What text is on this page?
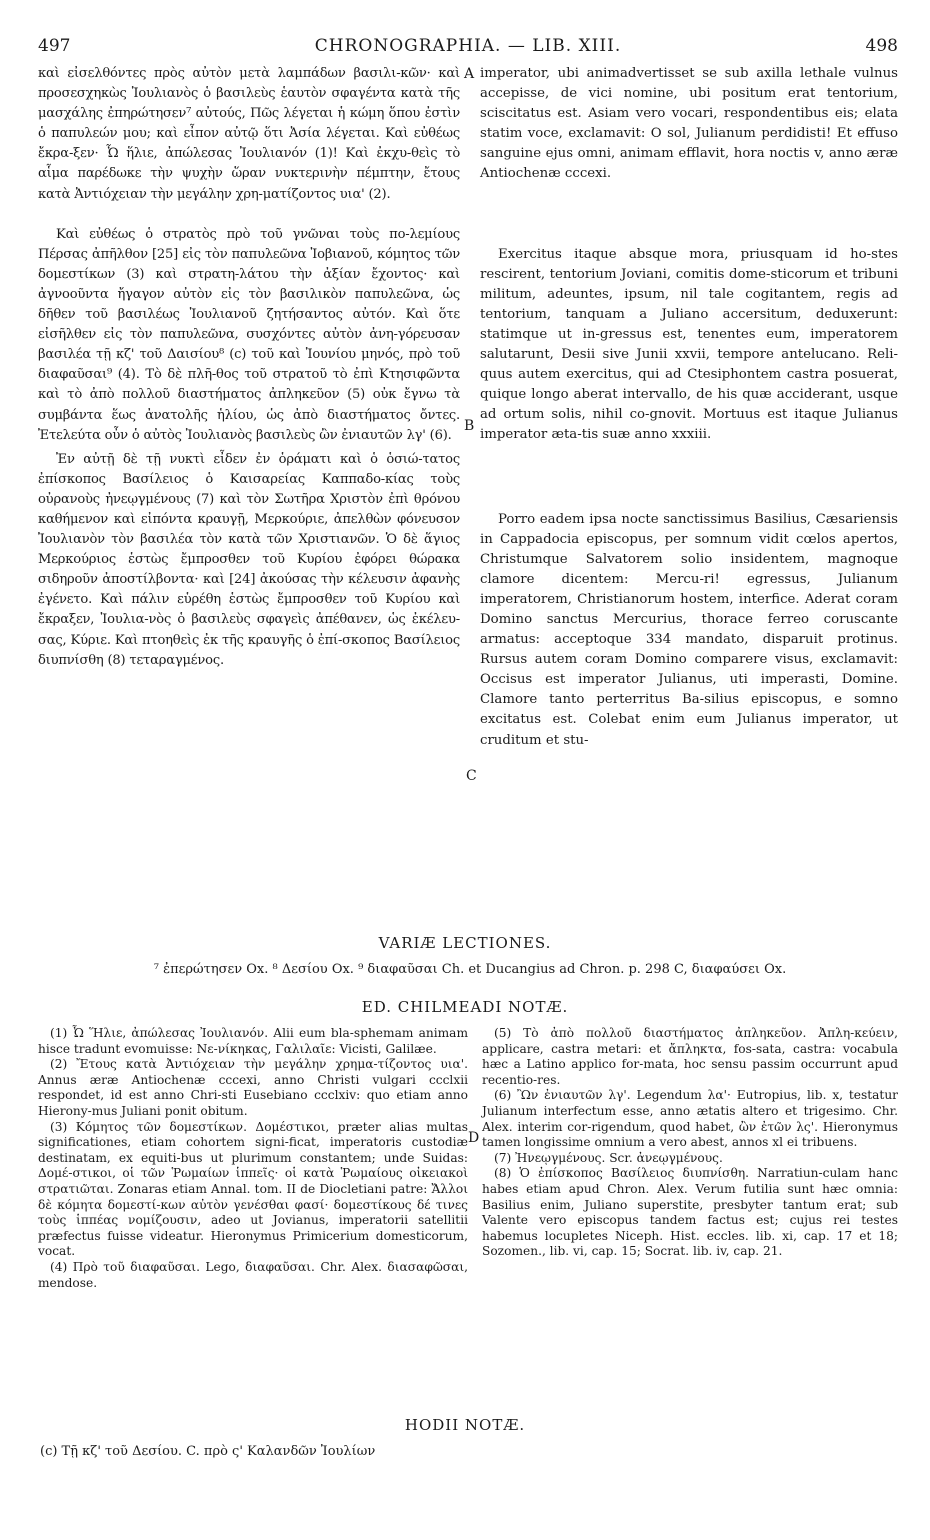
497	CHRONOGRAPHIA. — LIB. XIII.	498

καὶ εἰσελθόντες πρὸς αὐτὸν μετὰ λαμπάδων βασιλι-κῶν· καὶ προσεσχηκὼς Ἰουλιανὸς ὁ βασιλεὺς ἑαυτὸν σφαγέντα κατὰ τῆς μασχάλης ἐπηρώτησεν⁷ αὐτούς, Πῶς λέγεται ἡ κώμη ὅπου ἐστὶν ὁ παπυλεών μου; καὶ εἶπον αὐτῷ ὅτι Ἀσία λέγεται. Καὶ εὐθέως ἔκρα-ξεν· Ὦ ἥλιε, ἀπώλεσας Ἰουλιανόν (1)! Καὶ ἐκχυ-θεὶς τὸ αἷμα παρέδωκε τὴν ψυχὴν ὥραν νυκτερινὴν πέμπτην, ἔτους κατὰ Ἀντιόχειαν τὴν μεγάλην χρη-ματίζοντος υια' (2).

Καὶ εὐθέως ὁ στρατὸς πρὸ τοῦ γνῶναι τοὺς πο-λεμίους Πέρσας ἀπῆλθον [25] εἰς τὸν παπυλεῶνα Ἰοβιανοῦ, κόμητος τῶν δομεστίκων (3) καὶ στρατη-λάτου τὴν ἀξίαν ἔχοντος· καὶ ἀγνοοῦντα ἤγαγον αὐτὸν εἰς τὸν βασιλικὸν παπυλεῶνα, ὡς δῆθεν τοῦ βασιλέως Ἰουλιανοῦ ζητήσαντος αὐτόν. Καὶ ὅτε εἰσῆλθεν εἰς τὸν παπυλεῶνα, συσχόντες αὐτὸν ἀνη-γόρευσαν βασιλέα τῇ κζ' τοῦ Δαισίου⁸ (c) τοῦ καὶ Ἰουνίου μηνός, πρὸ τοῦ διαφαῦσαι⁹ (4). Τὸ δὲ πλῆ-θος τοῦ στρατοῦ τὸ ἐπὶ Κτησιφῶντα καὶ τὸ ἀπὸ πολλοῦ διαστήματος ἀπληκεῦον (5) οὐκ ἔγνω τὰ συμβάντα ἕως ἀνατολῆς ἡλίου, ὡς ἀπὸ διαστήματος ὄντες. Ἐτελεύτα οὖν ὁ αὐτὸς Ἰουλιανὸς βασιλεὺς ὢν ἐνιαυτῶν λγ' (6).

Ἐν αὐτῇ δὲ τῇ νυκτὶ εἶδεν ἐν ὁράματι καὶ ὁ ὁσιώ-τατος ἐπίσκοπος Βασίλειος ὁ Καισαρείας Καππαδο-κίας τοὺς οὐρανοὺς ἠνεῳγμένους (7) καὶ τὸν Σωτῆρα Χριστὸν ἐπὶ θρόνου καθήμενον καὶ εἰπόντα κραυγῇ, Μερκούριε, ἀπελθὼν φόνευσον Ἰουλιανὸν τὸν βασιλέα τὸν κατὰ τῶν Χριστιανῶν. Ὁ δὲ ἅγιος Μερκούριος ἑστὼς ἔμπροσθεν τοῦ Κυρίου ἐφόρει θώρακα σιδηροῦν ἀποστίλβοντα· καὶ [24] ἀκούσας τὴν κέλευσιν ἀφανὴς ἐγένετο. Καὶ πάλιν εὑρέθη ἑστὼς ἔμπροσθεν τοῦ Κυρίου καὶ ἔκραξεν, Ἰουλια-νὸς ὁ βασιλεὺς σφαγεὶς ἀπέθανεν, ὡς ἐκέλευ-σας, Κύριε. Καὶ πτοηθεὶς ἐκ τῆς κραυγῆς ὁ ἐπί-σκοπος Βασίλειος διυπνίσθη (8) τεταραγμένος.

imperator, ubi animadvertisset se sub axilla lethale vulnus accepisse, de vici nomine, ubi positum erat tentorium, sciscitatus est. Asiam vero vocari, respondentibus eis; elata statim voce, exclamavit: O sol, Julianum perdidisti! Et effuso sanguine ejus omni, animam efflavit, hora noctis v, anno æræ Antiochenæ cccexi.

Exercitus itaque absque mora, priusquam id ho-stes rescirent, tentorium Joviani, comitis dome-sticorum et tribuni militum, adeuntes, ipsum, nil tale cogitantem, regis ad tentorium, tanquam a Juliano accersitum, deduxerunt: statimque ut in-gressus est, tenentes eum, imperatorem salutarunt, Desii sive Junii xxvii, tempore antelucano. Reli-quus autem exercitus, qui ad Ctesiphontem castra posuerat, quique longo aberat intervallo, de his quæ acciderant, usque ad ortum solis, nihil co-gnovit. Mortuus est itaque Julianus imperator æta-tis suæ anno xxxiii.

Porro eadem ipsa nocte sanctissimus Basilius, Cæsariensis in Cappadocia episcopus, per somnum vidit cœlos apertos, Christumque Salvatorem solio insidentem, magnoque clamore dicentem: Mercu-ri! egressus, Julianum imperatorem, Christianorum hostem, interfice. Aderat coram Domino sanctus Mercurius, thorace ferreo coruscante armatus: acceptoque 334 mandato, disparuit protinus. Rursus autem coram Domino comparere visus, exclamavit: Occisus est imperator Julianus, uti imperasti, Domine. Clamore tanto perterritus Ba-silius episcopus, e somno excitatus est. Colebat enim eum Julianus imperator, ut cruditum et stu-

A
B
C
D
VARIÆ LECTIONES.
⁷ ἐπερώτησεν Ox. ⁸ Δεσίου Ox. ⁹ διαφαῦσαι Ch. et Ducangius ad Chron. p. 298 C, διαφαύσει Ox.
ED. CHILMEADI NOTÆ.

(1) Ὦ Ἥλιε, ἀπώλεσας Ἰουλιανόν. Alii eum bla-sphemam animam hisce tradunt evomuisse: Νε-νίκηκας, Γαλιλαῖε: Vicisti, Galilæe.

(2) Ἔτους κατὰ Ἀντιόχειαν τὴν μεγάλην χρημα-τίζοντος υια'. Annus æræ Antiochenæ cccexi, anno Christi vulgari ccclxii respondet, id est anno Chri-sti Eusebiano ccclxiv: quo etiam anno Hierony-mus Juliani ponit obitum.

(3) Κόμητος τῶν δομεστίκων. Δομέστικοι, præter alias multas significationes, etiam cohortem signi-ficat, imperatoris custodiæ destinatam, ex equiti-bus ut plurimum constantem; unde Suidas: Δομέ-στικοι, οἱ τῶν Ῥωμαίων ἱππεῖς· οἱ κατὰ Ῥωμαίους οἰκειακοὶ στρατιῶται. Zonaras etiam Annal. tom. II de Diocletiani patre: Ἄλλοι δὲ κόμητα δομεστί-κων αὐτὸν γενέσθαι φασί· δομεστίκους δέ τινες τοὺς ἱππέας νομίζουσιν, adeo ut Jovianus, imperatorii satellitii præfectus fuisse videatur. Hieronymus Primicerium domesticorum, vocat.

(4) Πρὸ τοῦ διαφαῦσαι. Lego, διαφαῦσαι. Chr. Alex. διασαφῶσαι, mendose.

(5) Τὸ ἀπὸ πολλοῦ διαστήματος ἀπληκεῦον. Ἀπλη-κεύειν, applicare, castra metari: et ἄπληκτα, fos-sata, castra: vocabula hæc a Latino applico for-mata, hoc sensu passim occurrunt apud recentio-res.

(6) Ὢν ἐνιαυτῶν λγ'. Legendum λα'· Eutropius, lib. x, testatur Julianum interfectum esse, anno ætatis altero et trigesimo. Chr. Alex. interim cor-rigendum, quod habet, ὢν ἐτῶν λς'. Hieronymus tamen longissime omnium a vero abest, annos xl ei tribuens.

(7) Ἠνεῳγμένους. Scr. ἀνεῳγμένους.

(8) Ὁ ἐπίσκοπος Βασίλειος διυπνίσθη. Narratiun-culam hanc habes etiam apud Chron. Alex. Verum futilia sunt hæc omnia: Basilius enim, Juliano superstite, presbyter tantum erat; sub Valente vero episcopus tandem factus est; cujus rei testes habemus locupletes Niceph. Hist. eccles. lib. xi, cap. 17 et 18; Sozomen., lib. vi, cap. 15; Socrat. lib. iv, cap. 21.

HODII NOTÆ.
(c) Τῇ κζ' τοῦ Δεσίου. C. πρὸ ς' Καλανδῶν Ἰουλίων
